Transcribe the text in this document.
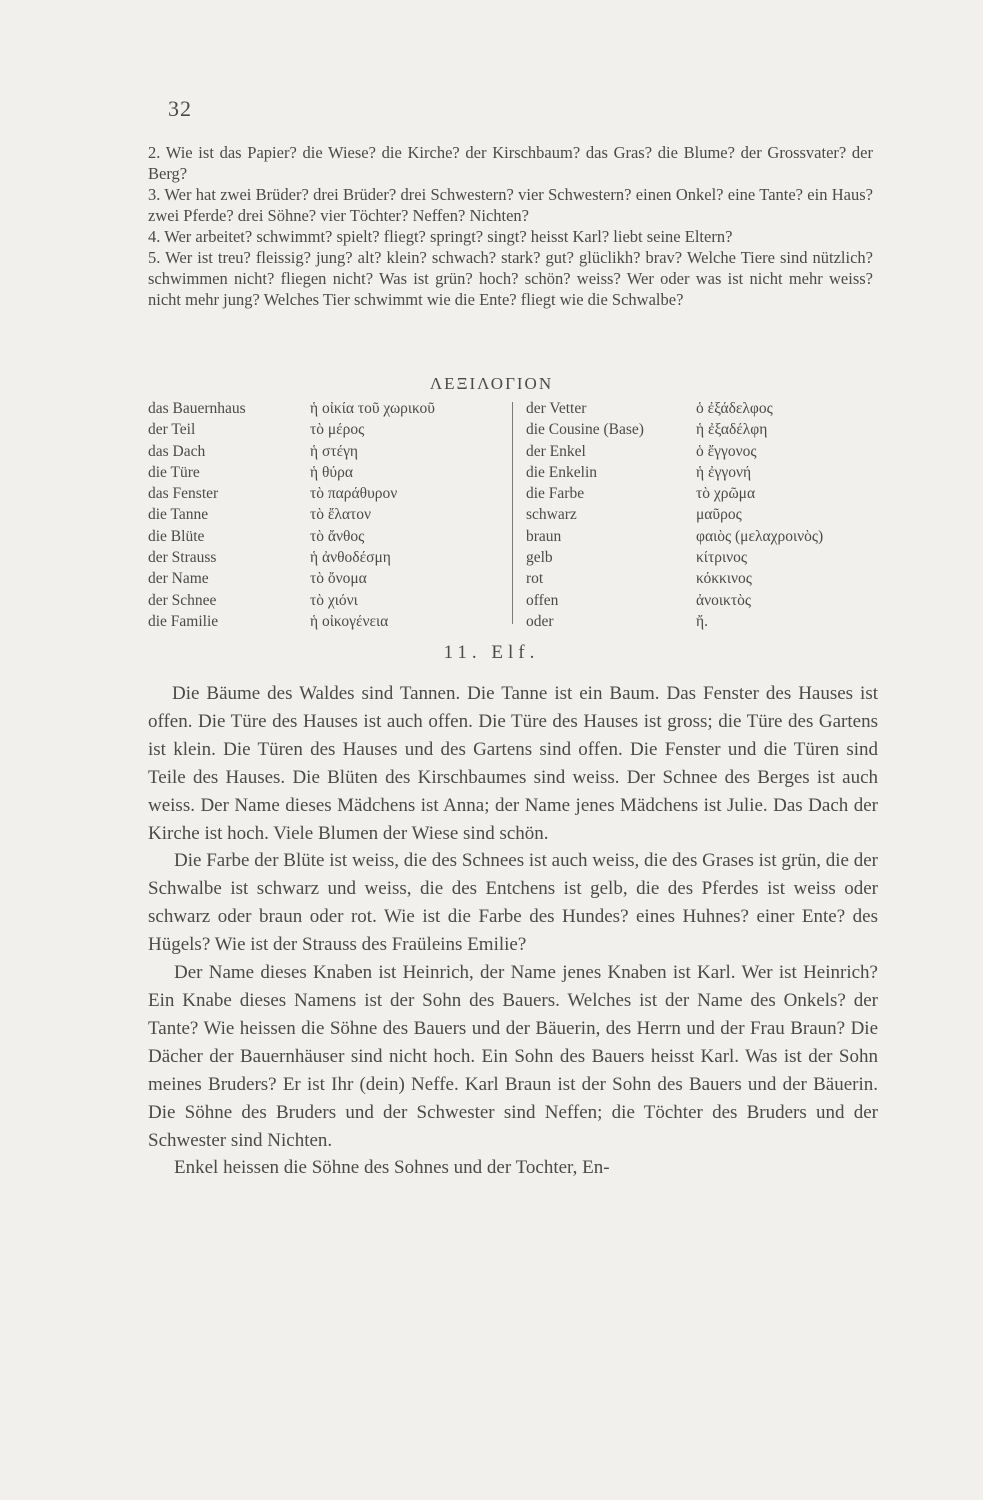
32

2. Wie ist das Papier? die Wiese? die Kirche? der Kirschbaum? das Gras? die Blume? der Grossvater? der Berg?

3. Wer hat zwei Brüder? drei Brüder? drei Schwestern? vier Schwestern? einen Onkel? eine Tante? ein Haus? zwei Pferde? drei Söhne? vier Töchter? Neffen? Nichten?

4. Wer arbeitet? schwimmt? spielt? fliegt? springt? singt? heisst Karl? liebt seine Eltern?

5. Wer ist treu? fleissig? jung? alt? klein? schwach? stark? gut? glüclikh? brav? Welche Tiere sind nützlich? schwimmen nicht? fliegen nicht? Was ist grün? hoch? schön? weiss? Wer oder was ist nicht mehr weiss? nicht mehr jung? Welches Tier schwimmt wie die Ente? fliegt wie die Schwalbe?

ΛΕΞΙΛΟΓΙΟΝ
das Bauernhaus
der Teil
das Dach
die Türe
das Fenster
die Tanne
die Blüte
der Strauss
der Name
der Schnee
die Familie
ἡ οἰκία τοῦ χωρικοῦ
τὸ μέρος
ἡ στέγη
ἡ θύρα
τὸ παράθυρον
τὸ ἔλατον
τὸ ἄνθος
ἡ ἀνθοδέσμη
τὸ ὄνομα
τὸ χιόνι
ἡ οἰκογένεια
der Vetter
die Cousine (Base)
der Enkel
die Enkelin
die Farbe
schwarz
braun
gelb
rot
offen
oder
ὁ ἐξάδελφος
ἡ ἐξαδέλφη
ὁ ἔγγονος
ἡ ἐγγονή
τὸ χρῶμα
μαῦρος
φαιὸς (μελαχροινὸς)
κίτρινος
κόκκινος
ἀνοικτὸς
ἤ.
11. Elf.

Die Bäume des Waldes sind Tannen. Die Tanne ist ein Baum. Das Fenster des Hauses ist offen. Die Türe des Hauses ist auch offen. Die Türe des Hauses ist gross; die Türe des Gartens ist klein. Die Türen des Hauses und des Gartens sind offen. Die Fenster und die Türen sind Teile des Hauses. Die Blüten des Kirschbaumes sind weiss. Der Schnee des Berges ist auch weiss. Der Name dieses Mädchens ist Anna; der Name jenes Mädchens ist Julie. Das Dach der Kirche ist hoch. Viele Blumen der Wiese sind schön.

Die Farbe der Blüte ist weiss, die des Schnees ist auch weiss, die des Grases ist grün, die der Schwalbe ist schwarz und weiss, die des Entchens ist gelb, die des Pferdes ist weiss oder schwarz oder braun oder rot. Wie ist die Farbe des Hundes? eines Huhnes? einer Ente? des Hügels? Wie ist der Strauss des Fraüleins Emilie?

Der Name dieses Knaben ist Heinrich, der Name jenes Knaben ist Karl. Wer ist Heinrich? Ein Knabe dieses Namens ist der Sohn des Bauers. Welches ist der Name des Onkels? der Tante? Wie heissen die Söhne des Bauers und der Bäuerin, des Herrn und der Frau Braun? Die Dächer der Bauernhäuser sind nicht hoch. Ein Sohn des Bauers heisst Karl. Was ist der Sohn meines Bruders? Er ist Ihr (dein) Neffe. Karl Braun ist der Sohn des Bauers und der Bäuerin. Die Söhne des Bruders und der Schwester sind Neffen; die Töchter des Bruders und der Schwester sind Nichten.

Enkel heissen die Söhne des Sohnes und der Tochter, En-
